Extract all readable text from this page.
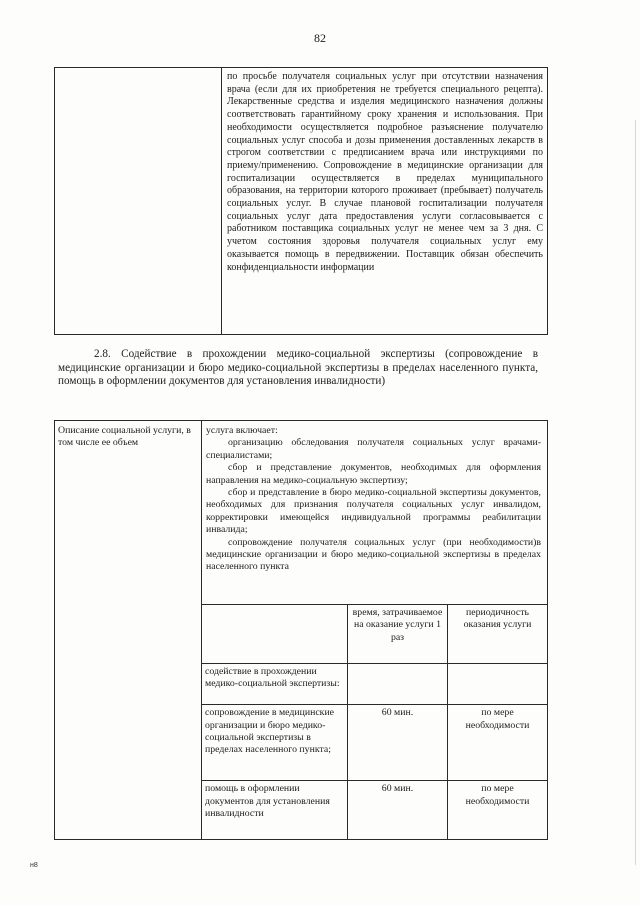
82

по просьбе получателя социальных услуг при отсутствии назначения врача (если для их приобретения не требуется специального рецепта). Лекарственные средства и изделия медицинского назначения должны соответствовать гарантийному сроку хранения и использования. При необходимости осуществляется подробное разъяснение получателю социальных услуг способа и дозы применения доставленных лекарств в строгом соответствии с предписанием врача или инструкциями по приему/применению. Сопровождение в медицинские организации для госпитализации осуществляется в пределах муниципального образования, на территории которого проживает (пребывает) получатель социальных услуг. В случае плановой госпитализации получателя социальных услуг дата предоставления услуги согласовывается с работником поставщика социальных услуг не менее чем за 3 дня. С учетом состояния здоровья получателя социальных услуг ему оказывается помощь в передвижении. Поставщик обязан обеспечить конфиденциальности информации

2.8. Содействие в прохождении медико-социальной экспертизы (сопровождение в медицинские организации и бюро медико-социальной экспертизы в пределах населенного пункта, помощь в оформлении документов для установления инвалидности)

Описание социальной услуги, в том числе ее объем

услуга включает:

организацию обследования получателя социальных услуг врачами-специалистами;

сбор и представление документов, необходимых для оформления направления на медико-социальную экспертизу;

сбор и представление в бюро медико-социальной экспертизы документов, необходимых для признания получателя социальных услуг инвалидом, корректировки имеющейся индивидуальной программы реабилитации инвалида;

сопровождение получателя социальных услуг (при необходимости)в медицинские организации и бюро медико-социальной экспертизы в пределах населенного пункта

	время, затрачиваемое на оказание услуги 1 раз	периодичность оказания услуги
содействие в прохождении медико-социальной экспертизы:		
сопровождение в медицинские организации и бюро медико-социальной экспертизы в пределах населенного пункта;	60 мин.	по мере необходимости
помощь в оформлении документов для установления инвалидности	60 мин.	по мере необходимости
н8
